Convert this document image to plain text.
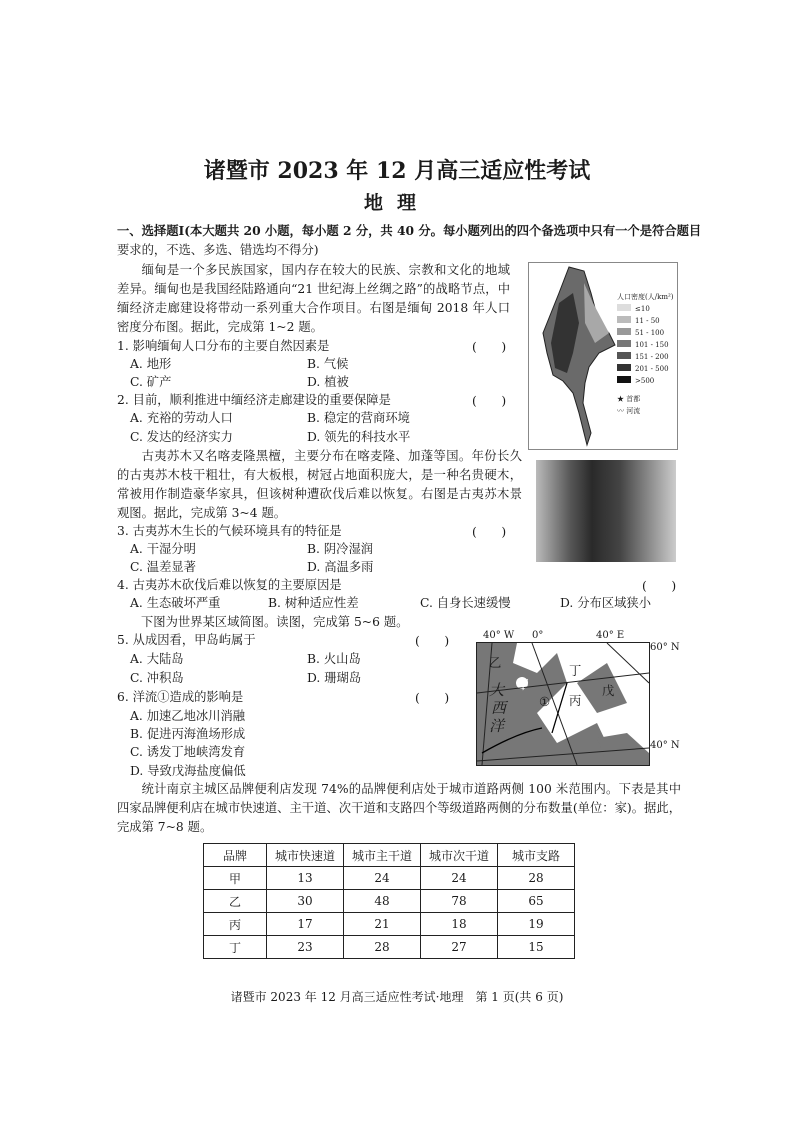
诸暨市 2023 年 12 月高三适应性考试
地理
一、选择题Ⅰ(本大题共 20 小题，每小题 2 分，共 40 分。每小题列出的四个备选项中只有一个是符合题目
要求的，不选、多选、错选均不得分)
缅甸是一个多民族国家，国内存在较大的民族、宗教和文化的地域差异。缅甸也是我国经陆路通向“21 世纪海上丝绸之路”的战略节点，中缅经济走廊建设将带动一系列重大合作项目。右图是缅甸 2018 年人口密度分布图。据此，完成第 1~2 题。
1. 影响缅甸人口分布的主要自然因素是	(　　)
A. 地形	B. 气候
C. 矿产	D. 植被
2. 目前，顺利推进中缅经济走廊建设的重要保障是	(　　)
A. 充裕的劳动人口	B. 稳定的营商环境
C. 发达的经济实力	D. 领先的科技水平
古夷苏木又名喀麦隆黑檀，主要分布在喀麦隆、加蓬等国。年份长久的古夷苏木枝干粗壮，有大板根，树冠占地面积庞大，是一种名贵硬木，常被用作制造豪华家具，但该树种遭砍伐后难以恢复。右图是古夷苏木景观图。据此，完成第 3~4 题。
3. 古夷苏木生长的气候环境具有的特征是	(　　)
A. 干湿分明	B. 阴冷湿润
C. 温差显著	D. 高温多雨
4. 古夷苏木砍伐后难以恢复的主要原因是	(　　)
A. 生态破坏严重	B. 树种适应性差	C. 自身长速缓慢	D. 分布区域狭小
下图为世界某区域简图。读图，完成第 5~6 题。
5. 从成因看，甲岛屿属于	(　　)
A. 大陆岛	B. 火山岛
C. 冲积岛	D. 珊瑚岛
6. 洋流①造成的影响是	(　　)
A. 加速乙地冰川消融
B. 促进丙海渔场形成
C. 诱发丁地峡湾发育
D. 导致戊海盐度偏低
统计南京主城区品牌便利店发现 74%的品牌便利店处于城市道路两侧 100 米范围内。下表是其中四家品牌便利店在城市快速道、主干道、次干道和支路四个等级道路两侧的分布数量(单位：家)。据此，完成第 7~8 题。
人口密度(人/km²)
≤10
11 - 50
51 - 100
101 - 150
151 - 200
201 - 500
>500
★ 首都
〰 河流
40° W 0°	40° E
60° N
40° N
乙
甲
丁
丙
戊
①
大
西
洋
品牌	城市快速道	城市主干道	城市次干道	城市支路
甲	13	24	24	28
乙	30	48	78	65
丙	17	21	18	19
丁	23	28	27	15
诸暨市 2023 年 12 月高三适应性考试·地理　第 1 页(共 6 页)
